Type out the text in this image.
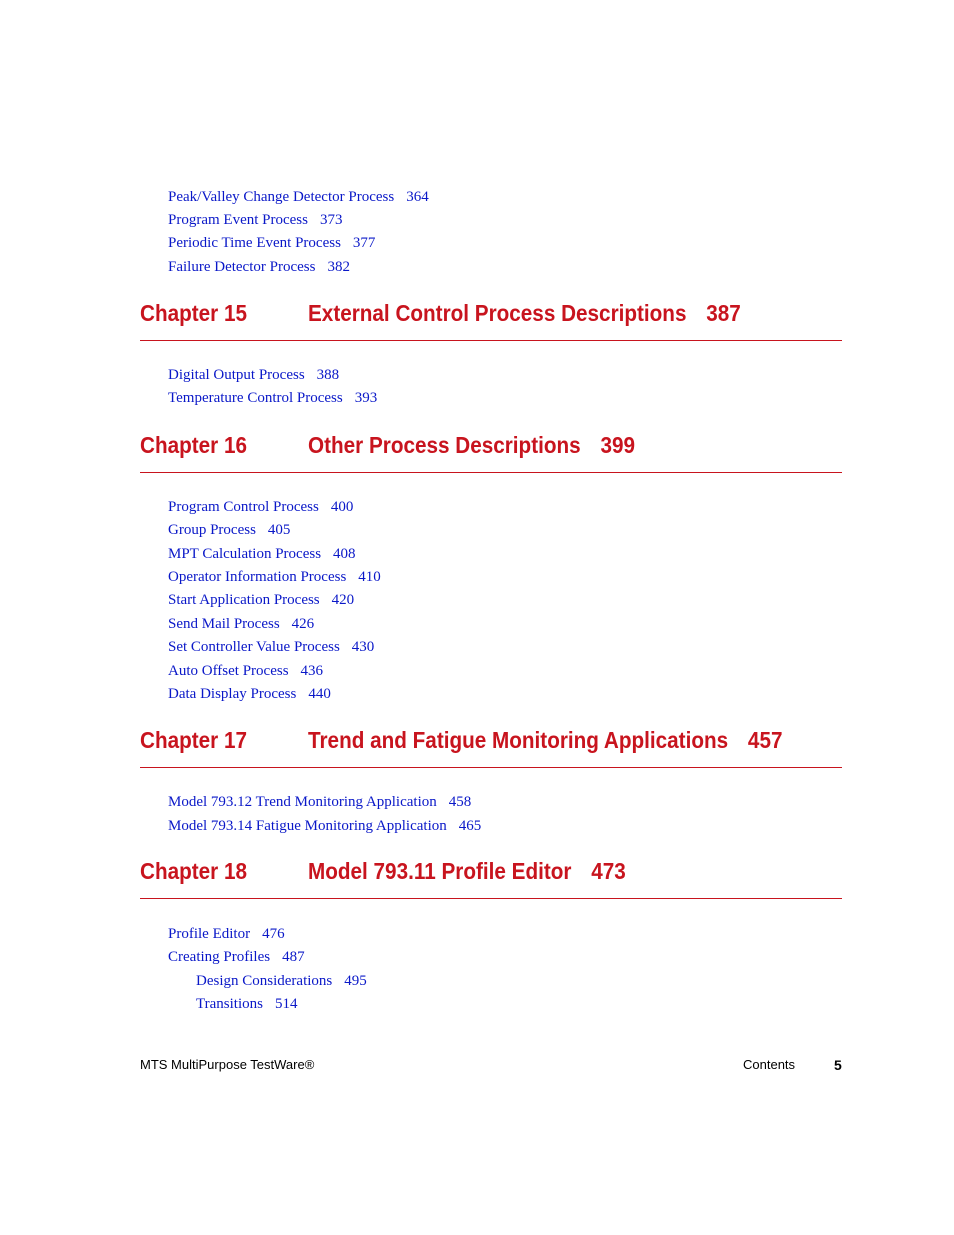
Peak/Valley Change Detector Process 364
Program Event Process 373
Periodic Time Event Process 377
Failure Detector Process 382
Chapter 15	External Control Process Descriptions 387
Digital Output Process 388
Temperature Control Process 393
Chapter 16	Other Process Descriptions 399
Program Control Process 400
Group Process 405
MPT Calculation Process 408
Operator Information Process 410
Start Application Process 420
Send Mail Process 426
Set Controller Value Process 430
Auto Offset Process 436
Data Display Process 440
Chapter 17	Trend and Fatigue Monitoring Applications 457
Model 793.12 Trend Monitoring Application 458
Model 793.14 Fatigue Monitoring Application 465
Chapter 18	Model 793.11 Profile Editor 473
Profile Editor 476
Creating Profiles 487
Design Considerations 495
Transitions 514
MTS MultiPurpose TestWare®	Contents	5
